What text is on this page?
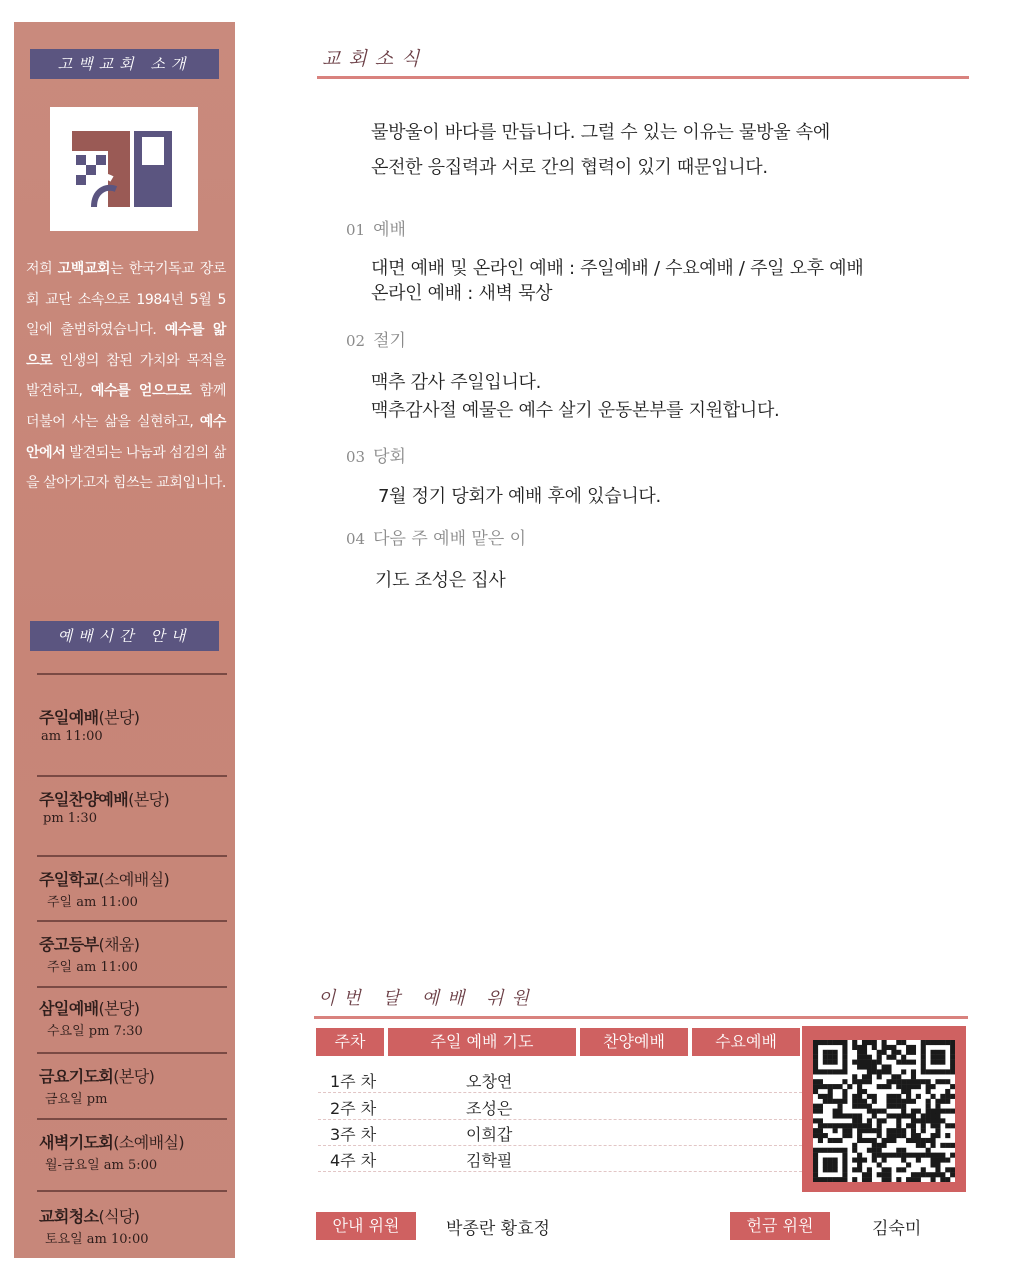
고백교회 소개
저희 고백교회는 한국기독교 장로회 교단 소속으로 1984년 5월 5일에 출범하였습니다. 예수를 앎으로 인생의 참된 가치와 목적을 발견하고, 예수를 얻으므로 함께 더불어 사는 삶을 실현하고, 예수 안에서 발견되는 나눔과 섬김의 삶을 살아가고자 힘쓰는 교회입니다.
예배시간 안내
주일예배(본당)
am 11:00
주일찬양예배(본당)
pm 1:30
주일학교(소예배실)
주일 am 11:00
중고등부(채움)
주일 am 11:00
삼일예배(본당)
수요일 pm 7:30
금요기도회(본당)
금요일 pm
새벽기도회(소예배실)
월-금요일 am 5:00
교회청소(식당)
토요일 am 10:00
교회소식
물방울이 바다를 만듭니다. 그럴 수 있는 이유는 물방울 속에
온전한 응집력과 서로 간의 협력이 있기 때문입니다.
01 예배
대면 예배 및 온라인 예배 : 주일예배 / 수요예배 / 주일 오후 예배
온라인 예배 : 새벽 묵상
02 절기
맥추 감사 주일입니다.
맥추감사절 예물은 예수 살기 운동본부를 지원합니다.
03 당회
7월 정기 당회가 예배 후에 있습니다.
04 다음 주 예배 맡은 이
기도 조성은 집사
이번 달 예배 위원
주차	주일 예배 기도	찬양예배	수요예배
1주 차	오창연
2주 차	조성은
3주 차	이희갑
4주 차	김학필
안내 위원	박종란 황효정	헌금 위원	김숙미
